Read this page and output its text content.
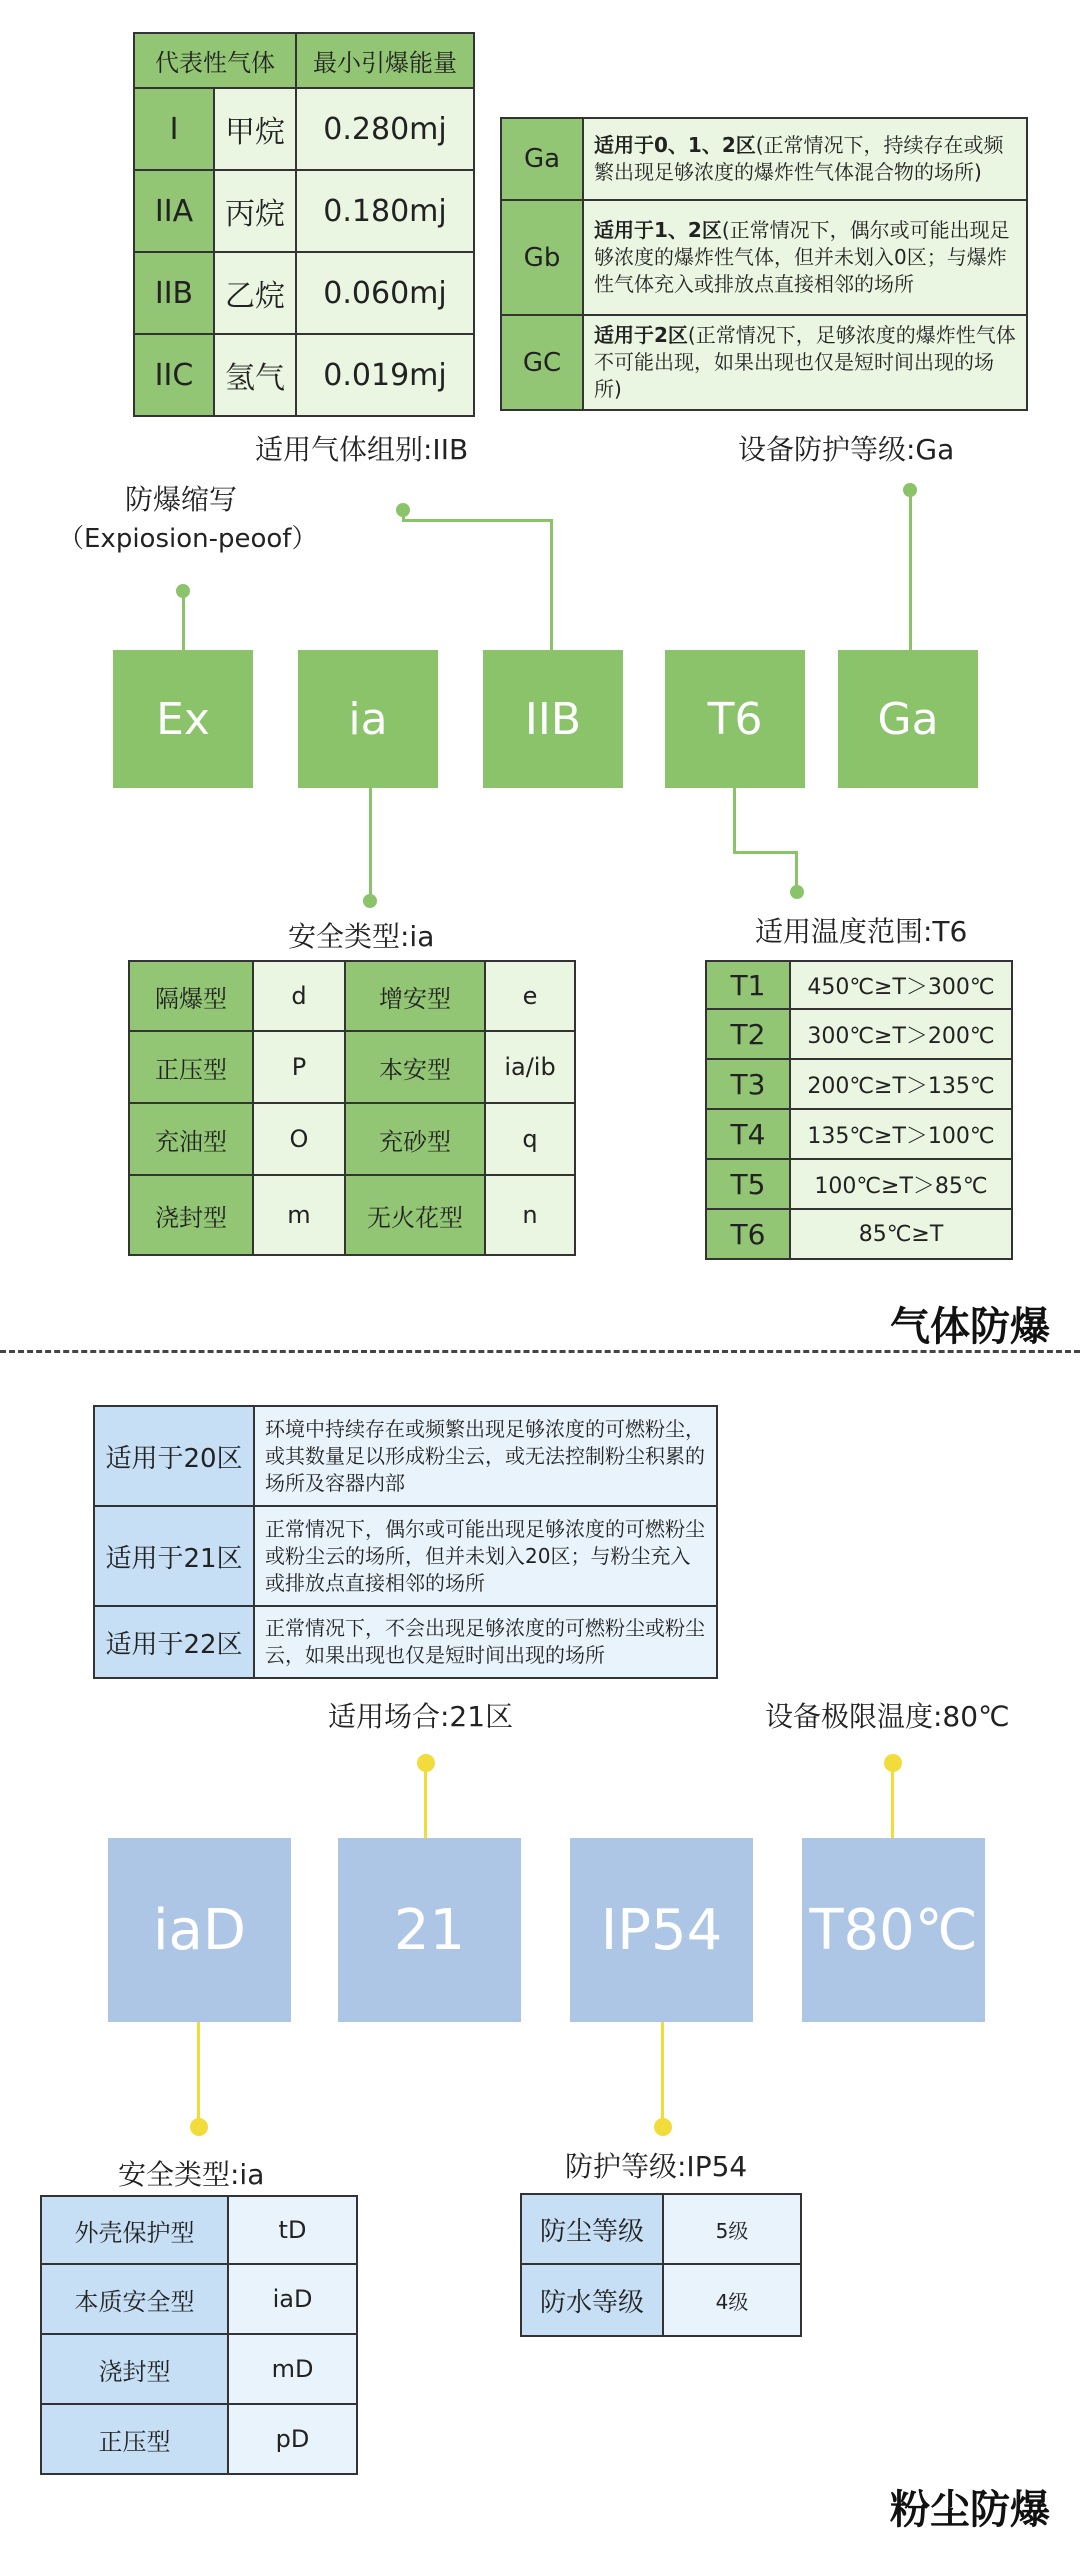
代表性气体		最小引爆能量
I	甲烷	0.280mj
IIA	丙烷	0.180mj
IIB	乙烷	0.060mj
IIC	氢气	0.019mj
Ga	适用于0、1、2区(正常情况下，持续存在或频繁出现足够浓度的爆炸性气体混合物的场所)
Gb	适用于1、2区(正常情况下，偶尔或可能出现足够浓度的爆炸性气体，但并未划入0区；与爆炸性气体充入或排放点直接相邻的场所
GC	适用于2区(正常情况下，足够浓度的爆炸性气体不可能出现，如果出现也仅是短时间出现的场所)
适用气体组别:IIB	设备防护等级:Ga
防爆缩写
（Expiosion-peoof）
Ex	ia	IIB	T6	Ga
安全类型:ia	适用温度范围:T6
隔爆型	d	增安型	e
正压型	P	本安型	ia/ib
充油型	O	充砂型	q
浇封型	m	无火花型	n
T1	450℃≥T＞300℃
T2	300℃≥T＞200℃
T3	200℃≥T＞135℃
T4	135℃≥T＞100℃
T5	100℃≥T＞85℃
T6	85℃≥T
气体防爆
适用于20区	环境中持续存在或频繁出现足够浓度的可燃粉尘，或其数量足以形成粉尘云，或无法控制粉尘积累的场所及容器内部
适用于21区	正常情况下，偶尔或可能出现足够浓度的可燃粉尘或粉尘云的场所，但并未划入20区；与粉尘充入或排放点直接相邻的场所
适用于22区	正常情况下，不会出现足够浓度的可燃粉尘或粉尘云，如果出现也仅是短时间出现的场所
适用场合:21区	设备极限温度:80℃
iaD	21	IP54	T80℃
安全类型:ia	防护等级:IP54
外壳保护型	tD
本质安全型	iaD
浇封型	mD
正压型	pD
防尘等级	5级
防水等级	4级
粉尘防爆
